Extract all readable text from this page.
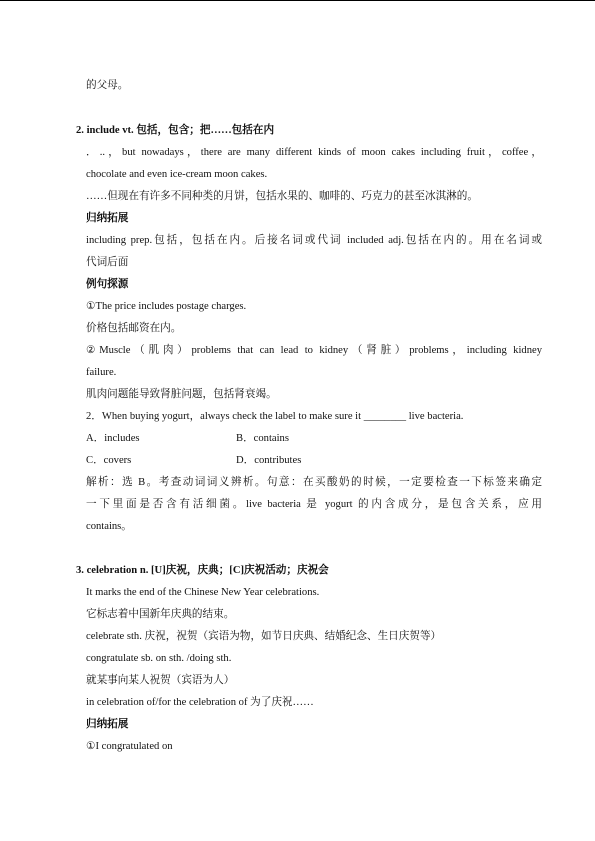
的父母。
2. include vt. 包括，包含；把……包括在内
．..，but nowadays，there are many different kinds of moon cakes including fruit，coffee，
chocolate and even ice-cream moon cakes.
……但现在有许多不同种类的月饼，包括水果的、咖啡的、巧克力的甚至冰淇淋的。
归纳拓展
including prep.包括，包括在内。后接名词或代词 included adj.包括在内的。用在名词或
代词后面
例句探源
①The price includes postage charges.
价格包括邮资在内。
②Muscle（肌肉）problems that can lead to kidney（肾脏）problems，including kidney
failure.
肌肉问题能导致肾脏问题，包括肾衰竭。
2．When buying yogurt，always check the label to make sure it ________ live bacteria.
A．includes	B．contains
C．covers	D．contributes
解析：选 B。考查动词词义辨析。句意：在买酸奶的时候，一定要检查一下标签来确定
一下里面是否含有活细菌。live bacteria 是 yogurt 的内含成分，是包含关系，应用
contains。
3. celebration n. [U]庆祝，庆典；[C]庆祝活动；庆祝会
It marks the end of the Chinese New Year celebrations.
它标志着中国新年庆典的结束。
celebrate sth. 庆祝，祝贺（宾语为物，如节日庆典、结婚纪念、生日庆贺等）
congratulate sb. on sth. /doing sth.
就某事向某人祝贺（宾语为人）
in celebration of/for the celebration of 为了庆祝……
归纳拓展
①I congratulated on
